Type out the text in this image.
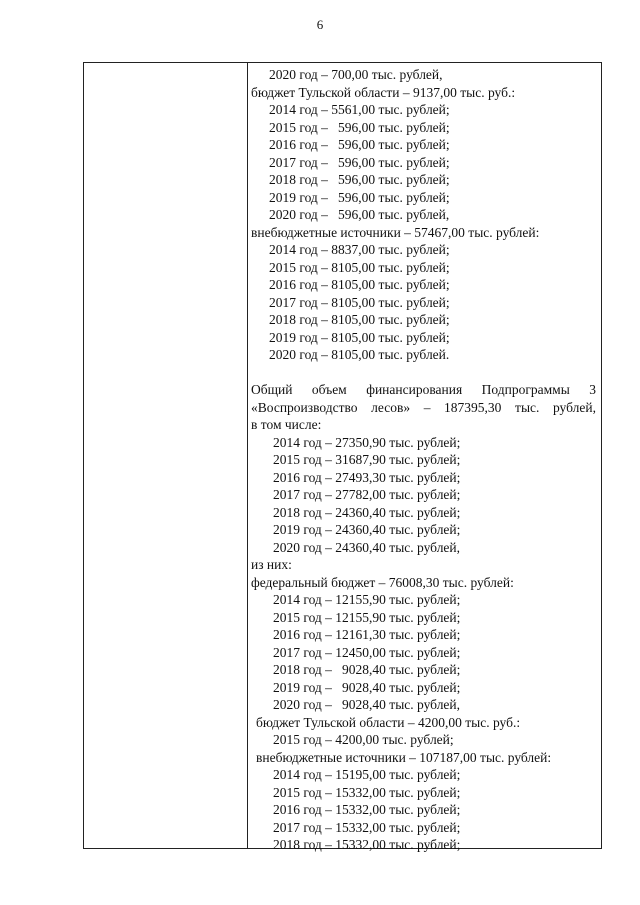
6
2020 год – 700,00 тыс. рублей,
бюджет Тульской области – 9137,00 тыс. руб.:
2014 год – 5561,00 тыс. рублей;
2015 год –   596,00 тыс. рублей;
2016 год –   596,00 тыс. рублей;
2017 год –   596,00 тыс. рублей;
2018 год –   596,00 тыс. рублей;
2019 год –   596,00 тыс. рублей;
2020 год –   596,00 тыс. рублей,
внебюджетные источники – 57467,00 тыс. рублей:
2014 год – 8837,00 тыс. рублей;
2015 год – 8105,00 тыс. рублей;
2016 год – 8105,00 тыс. рублей;
2017 год – 8105,00 тыс. рублей;
2018 год – 8105,00 тыс. рублей;
2019 год – 8105,00 тыс. рублей;
2020 год – 8105,00 тыс. рублей.
Общий объем финансирования Подпрограммы 3
«Воспроизводство лесов» – 187395,30 тыс. рублей,
в том числе:
2014 год – 27350,90 тыс. рублей;
2015 год – 31687,90 тыс. рублей;
2016 год – 27493,30 тыс. рублей;
2017 год – 27782,00 тыс. рублей;
2018 год – 24360,40 тыс. рублей;
2019 год – 24360,40 тыс. рублей;
2020 год – 24360,40 тыс. рублей,
из них:
федеральный бюджет – 76008,30 тыс. рублей:
2014 год – 12155,90 тыс. рублей;
2015 год – 12155,90 тыс. рублей;
2016 год – 12161,30 тыс. рублей;
2017 год – 12450,00 тыс. рублей;
2018 год –   9028,40 тыс. рублей;
2019 год –   9028,40 тыс. рублей;
2020 год –   9028,40 тыс. рублей,
бюджет Тульской области – 4200,00 тыс. руб.:
2015 год – 4200,00 тыс. рублей;
внебюджетные источники – 107187,00 тыс. рублей:
2014 год – 15195,00 тыс. рублей;
2015 год – 15332,00 тыс. рублей;
2016 год – 15332,00 тыс. рублей;
2017 год – 15332,00 тыс. рублей;
2018 год – 15332,00 тыс. рублей;
